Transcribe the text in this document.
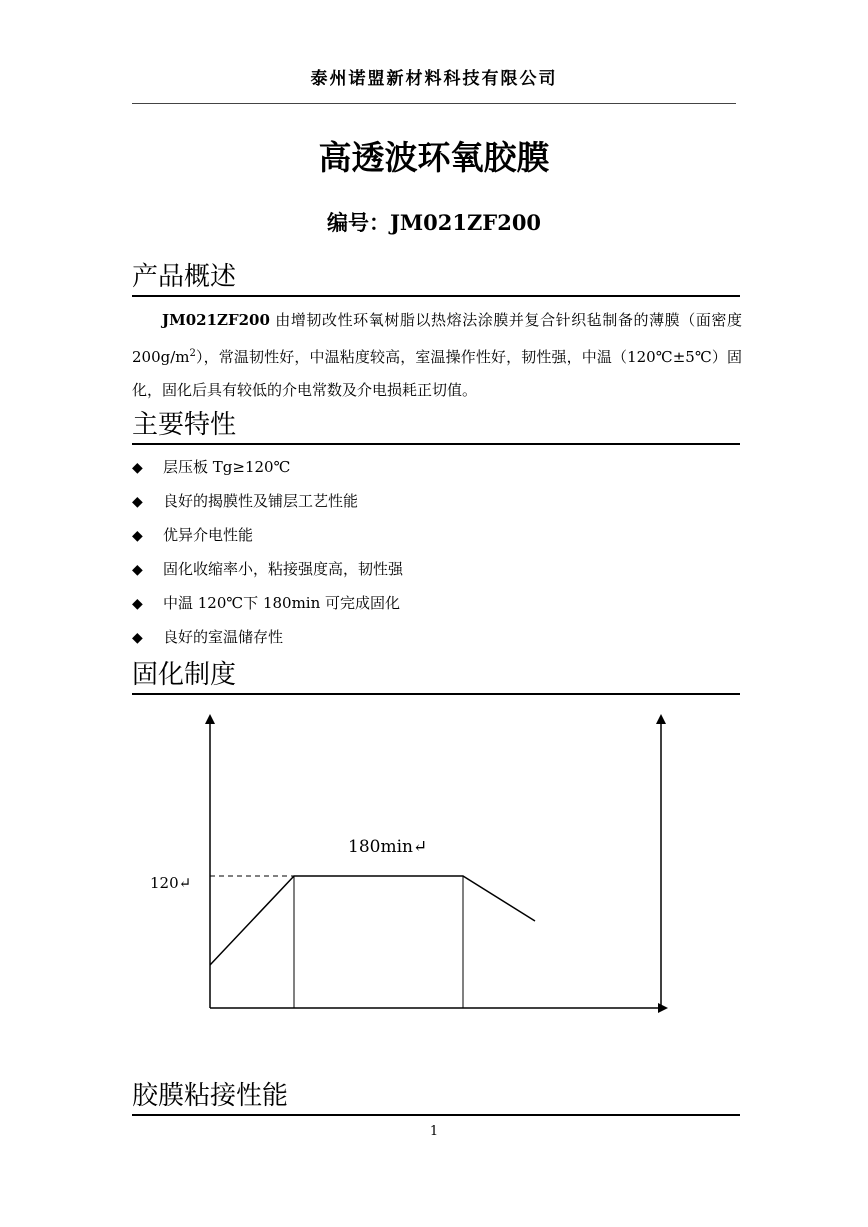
泰州诺盟新材料科技有限公司
高透波环氧胶膜
编号：JM021ZF200
产品概述
JM021ZF200 由增韧改性环氧树脂以热熔法涂膜并复合针织毡制备的薄膜（面密度 $200g/m^2$），常温韧性好，中温粘度较高，室温操作性好，韧性强，中温（120℃±5℃）固化，固化后具有较低的介电常数及介电损耗正切值。
主要特性
◆ 层压板 Tg≥120℃
◆ 良好的揭膜性及铺层工艺性能
◆ 优异介电性能
◆ 固化收缩率小，粘接强度高，韧性强
◆ 中温 120℃下 180min 可完成固化
◆ 良好的室温储存性
固化制度
180min↵
120↵
胶膜粘接性能
1
